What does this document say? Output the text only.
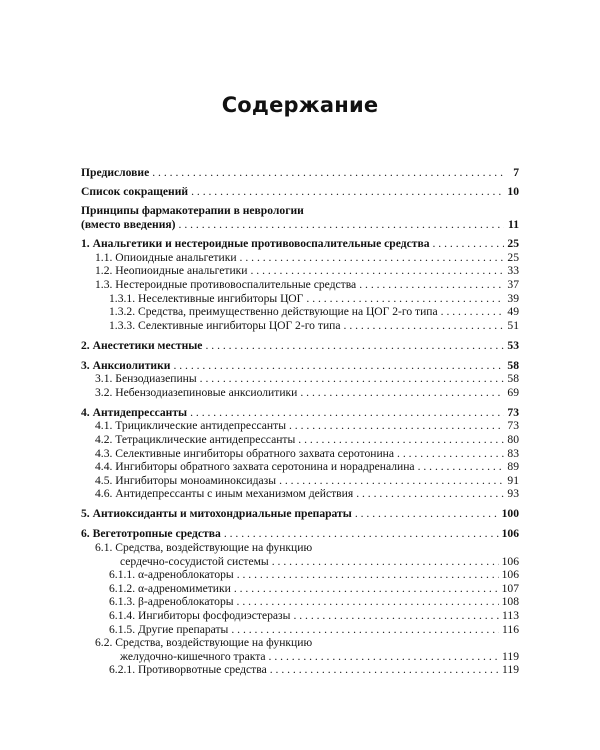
Содержание
Предисловие . . .	7
Список сокращений . . .	10
Принципы фармакотерапии в неврологии
(вместо введения) . . .	11
1. Анальгетики и нестероидные противовоспалительные средства . . .	25
1.1. Опиоидные анальгетики . . .	25
1.2. Неопиоидные анальгетики . . .	33
1.3. Нестероидные противовоспалительные средства . . .	37
1.3.1. Неселективные ингибиторы ЦОГ . . .	39
1.3.2. Средства, преимущественно действующие на ЦОГ 2-го типа . . .	49
1.3.3. Селективные ингибиторы ЦОГ 2-го типа . . .	51
2. Анестетики местные . . .	53
3. Анксиолитики . . .	58
3.1. Бензодиазепины . . .	58
3.2. Небензодиазепиновые анксиолитики . . .	69
4. Антидепрессанты . . .	73
4.1. Трициклические антидепрессанты . . .	73
4.2. Тетрациклические антидепрессанты . . .	80
4.3. Селективные ингибиторы обратного захвата серотонина . . .	83
4.4. Ингибиторы обратного захвата серотонина и норадреналина . . .	89
4.5. Ингибиторы моноаминоксидазы . . .	91
4.6. Антидепрессанты с иным механизмом действия . . .	93
5. Антиоксиданты и митохондриальные препараты . . .	100
6. Вегетотропные средства . . .	106
6.1. Средства, воздействующие на функцию
сердечно-сосудистой системы . . .	106
6.1.1. α-адреноблокаторы . . .	106
6.1.2. α-адреномиметики . . .	107
6.1.3. β-адреноблокаторы . . .	108
6.1.4. Ингибиторы фосфодиэстеразы . . .	113
6.1.5. Другие препараты . . .	116
6.2. Средства, воздействующие на функцию
желудочно-кишечного тракта . . .	119
6.2.1. Противорвотные средства . . .	119
